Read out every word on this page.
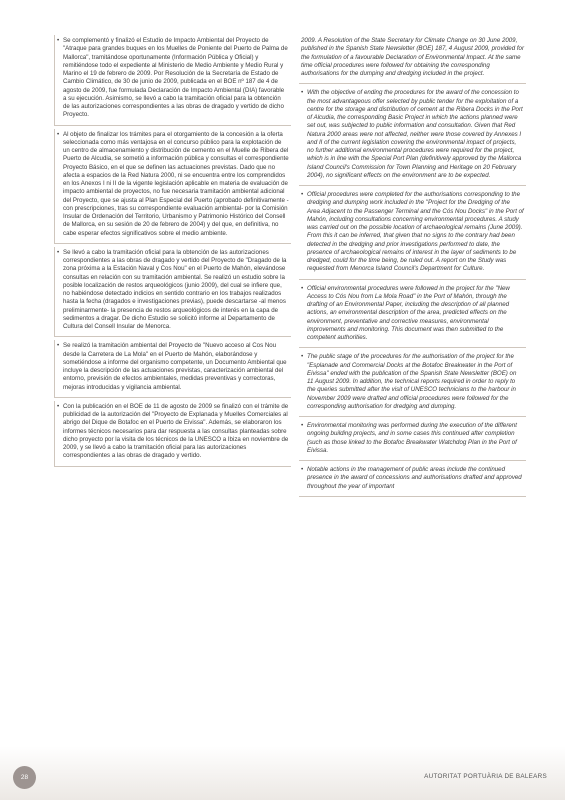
• Se complementó y finalizó el Estudio de Impacto Ambiental del Proyecto de "Atraque para grandes buques en los Muelles de Poniente del Puerto de Palma de Mallorca", tramitándose oportunamente (Información Pública y Oficial) y remitiéndose todo el expediente al Ministerio de Medio Ambiente y Medio Rural y Marino el 19 de febrero de 2009. Por Resolución de la Secretaría de Estado de Cambio Climático, de 30 de junio de 2009, publicada en el BOE nº 187 de 4 de agosto de 2009, fue formulada Declaración de Impacto Ambiental (DIA) favorable a su ejecución. Asimismo, se llevó a cabo la tramitación oficial para la obtención de las autorizaciones correspondientes a las obras de dragado y vertido de dicho Proyecto.
• Al objeto de finalizar los trámites para el otorgamiento de la concesión a la oferta seleccionada como más ventajosa en el concurso público para la explotación de un centro de almacenamiento y distribución de cemento en el Muelle de Ribera del Puerto de Alcudia, se sometió a información pública y consultas el correspondiente Proyecto Básico, en el que se definen las actuaciones previstas. Dado que no afecta a espacios de la Red Natura 2000, ni se encuentra entre los comprendidos en los Anexos I ni II de la vigente legislación aplicable en materia de evaluación de impacto ambiental de proyectos, no fue necesaria tramitación ambiental adicional del Proyecto, que se ajusta al Plan Especial del Puerto (aprobado definitivamente -con prescripciones, tras su correspondiente evaluación ambiental- por la Comisión Insular de Ordenación del Territorio, Urbanismo y Patrimonio Histórico del Consell de Mallorca, en su sesión de 20 de febrero de 2004) y del que, en definitiva, no cabe esperar efectos significativos sobre el medio ambiente.
• Se llevó a cabo la tramitación oficial para la obtención de las autorizaciones correspondientes a las obras de dragado y vertido del Proyecto de "Dragado de la zona próxima a la Estación Naval y Cos Nou" en el Puerto de Mahón, elevándose consultas en relación con su tramitación ambiental. Se realizó un estudio sobre la posible localización de restos arqueológicos (junio 2009), del cual se infiere que, no habiéndose detectado indicios en sentido contrario en los trabajos realizados hasta la fecha (dragados e investigaciones previas), puede descartarse -al menos preliminarmente- la presencia de restos arqueológicos de interés en la capa de sedimentos a dragar. De dicho Estudio se solicitó informe al Departamento de Cultura del Consell Insular de Menorca.
• Se realizó la tramitación ambiental del Proyecto de "Nuevo acceso al Cos Nou desde la Carretera de La Mola" en el Puerto de Mahón, elaborándose y sometiéndose a informe del organismo competente, un Documento Ambiental que incluye la descripción de las actuaciones previstas, caracterización ambiental del entorno, previsión de efectos ambientales, medidas preventivas y correctoras, mejoras introducidas y vigilancia ambiental.
• Con la publicación en el BOE de 11 de agosto de 2009 se finalizó con el trámite de publicidad de la autorización del "Proyecto de Explanada y Muelles Comerciales al abrigo del Dique de Botafoc en el Puerto de Eivissa". Además, se elaboraron los informes técnicos necesarios para dar respuesta a las consultas planteadas sobre dicho proyecto por la visita de los técnicos de la UNESCO a Ibiza en noviembre de 2009, y se llevó a cabo la tramitación oficial para las autorizaciones correspondientes a las obras de dragado y vertido.
2009. A Resolution of the State Secretary for Climate Change on 30 June 2009, published in the Spanish State Newsletter (BOE) 187, 4 August 2009, provided for the formulation of a favourable Declaration of Environmental Impact. At the same time official procedures were followed for obtaining the corresponding authorisations for the dumping and dredging included in the project.
• With the objective of ending the procedures for the award of the concession to the most advantageous offer selected by public tender for the exploitation of a centre for the storage and distribution of cement at the Ribera Docks in the Port of Alcudia, the corresponding Basic Project in which the actions planned were set out, was subjected to public information and consultation. Given that Red Natura 2000 areas were not affected, neither were those covered by Annexes I and II of the current legislation covering the environmental impact of projects, no further additional environmental procedures were required for the project, which is in line with the Special Port Plan (definitively approved by the Mallorca Island Council's Commission for Town Planning and Heritage on 20 February 2004), no significant effects on the environment are to be expected.
• Official procedures were completed for the authorisations corresponding to the dredging and dumping work included in the "Project for the Dredging of the Area Adjacent to the Passenger Terminal and the Cós Nou Docks" in the Port of Mahón, including consultations concerning environmental procedures. A study was carried out on the possible location of archaeological remains (June 2009). From this it can be inferred, that given that no signs to the contrary had been detected in the dredging and prior investigations performed to date, the presence of archaeological remains of interest in the layer of sediments to be dredged, could for the time being, be ruled out. A report on the Study was requested from Menorca Island Council's Department for Culture.
• Official environmental procedures were followed in the project for the "New Access to Cós Nou from La Mola Road" in the Port of Mahón, through the drafting of an Environmental Paper, including the description of all planned actions, an environmental description of the area, predicted effects on the environment, preventative and corrective measures, environmental improvements and monitoring. This document was then submitted to the competent authorities.
• The public stage of the procedures for the authorisation of the project for the "Esplanade and Commercial Docks at the Botafoc Breakwater in the Port of Eivissa" ended with the publication of the Spanish State Newsletter (BOE) on 11 August 2009. In addition, the technical reports required in order to reply to the queries submitted after the visit of UNESCO technicians to the harbour in November 2009 were drafted and official procedures were followed for the corresponding authorisation for dredging and dumping.
• Environmental monitoring was performed during the execution of the different ongoing building projects, and in some cases this continued after completion (such as those linked to the Botafoc Breakwater Watchdog Plan in the Port of Eivissa.
• Notable actions in the management of public areas include the continued presence in the award of concessions and authorisations drafted and approved throughout the year of important
28	AUTORITAT PORTUÀRIA DE BALEARS
